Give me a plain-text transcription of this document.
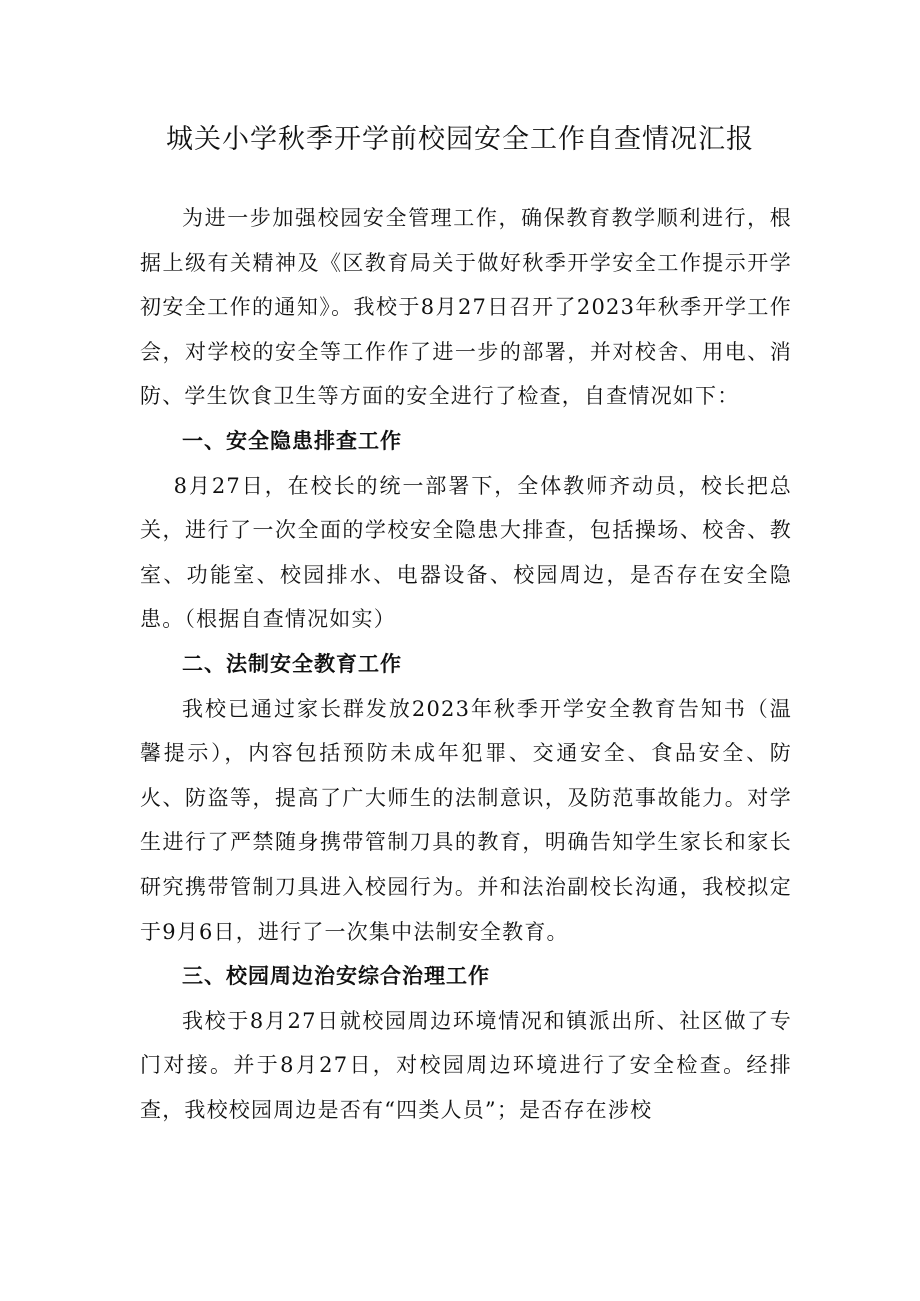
城关小学秋季开学前校园安全工作自查情况汇报

为进一步加强校园安全管理工作，确保教育教学顺利进行，根据上级有关精神及《区教育局关于做好秋季开学安全工作提示开学初安全工作的通知》。我校于8月27日召开了2023年秋季开学工作会，对学校的安全等工作作了进一步的部署，并对校舍、用电、消防、学生饮食卫生等方面的安全进行了检查，自查情况如下：

一、安全隐患排查工作

8月27日，在校长的统一部署下，全体教师齐动员，校长把总关，进行了一次全面的学校安全隐患大排查，包括操场、校舍、教室、功能室、校园排水、电器设备、校园周边，是否存在安全隐患。（根据自查情况如实）

二、法制安全教育工作

我校已通过家长群发放2023年秋季开学安全教育告知书（温馨提示），内容包括预防未成年犯罪、交通安全、食品安全、防火、防盗等，提高了广大师生的法制意识，及防范事故能力。对学生进行了严禁随身携带管制刀具的教育，明确告知学生家长和家长研究携带管制刀具进入校园行为。并和法治副校长沟通，我校拟定于9月6日，进行了一次集中法制安全教育。

三、校园周边治安综合治理工作

我校于8月27日就校园周边环境情况和镇派出所、社区做了专门对接。并于8月27日，对校园周边环境进行了安全检查。经排查，我校校园周边是否有“四类人员”；是否存在涉校
